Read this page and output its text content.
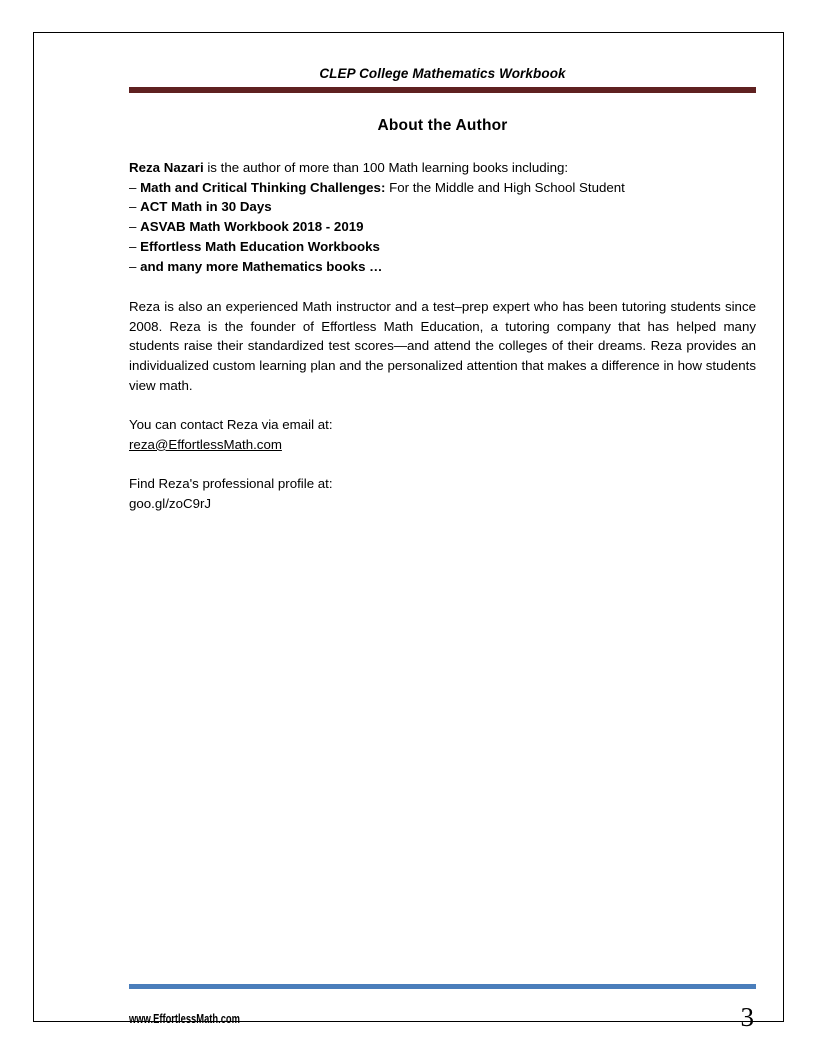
CLEP College Mathematics Workbook
About the Author
Reza Nazari is the author of more than 100 Math learning books including:
– Math and Critical Thinking Challenges: For the Middle and High School Student
– ACT Math in 30 Days
– ASVAB Math Workbook 2018 - 2019
– Effortless Math Education Workbooks
– and many more Mathematics books …
Reza is also an experienced Math instructor and a test–prep expert who has been tutoring students since 2008. Reza is the founder of Effortless Math Education, a tutoring company that has helped many students raise their standardized test scores—and attend the colleges of their dreams. Reza provides an individualized custom learning plan and the personalized attention that makes a difference in how students view math.
You can contact Reza via email at:
reza@EffortlessMath.com
Find Reza's professional profile at:
goo.gl/zoC9rJ
www.EffortlessMath.com	3
